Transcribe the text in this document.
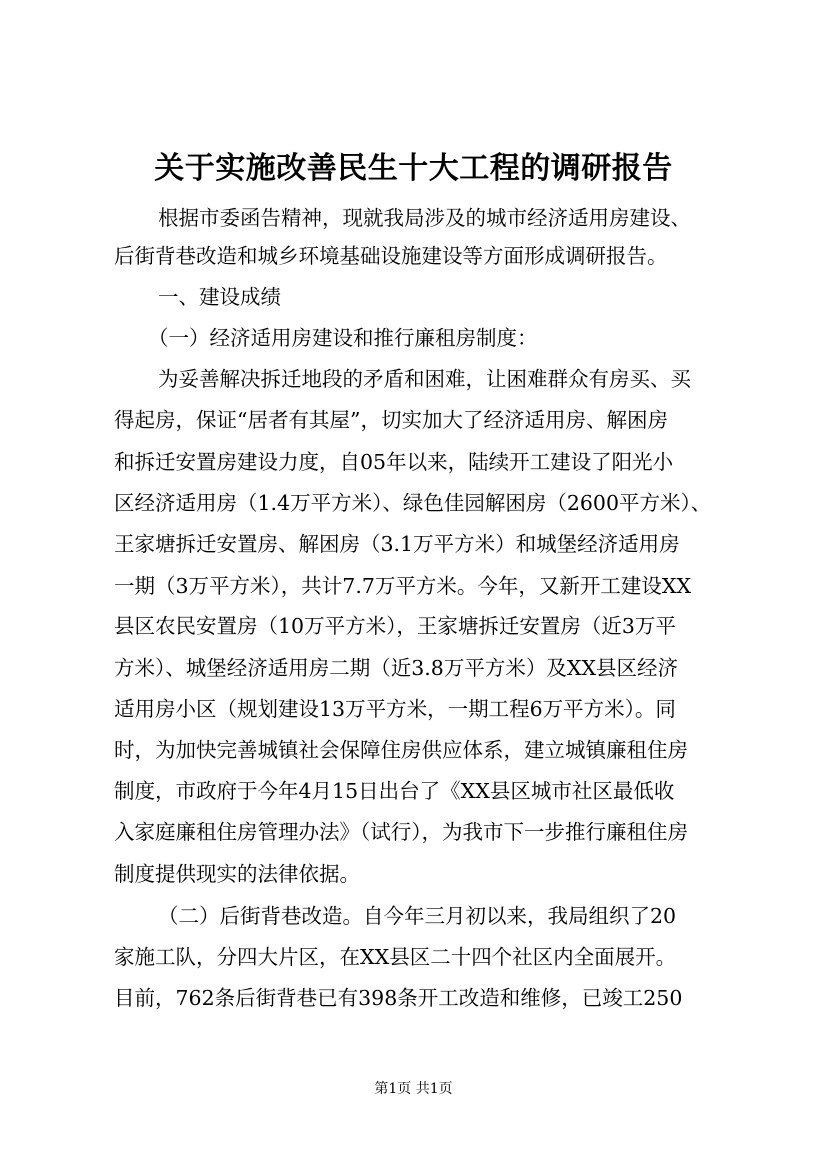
关于实施改善民生十大工程的调研报告
根据市委函告精神，现就我局涉及的城市经济适用房建设、
后街背巷改造和城乡环境基础设施建设等方面形成调研报告。
一、建设成绩
（一）经济适用房建设和推行廉租房制度：
为妥善解决拆迁地段的矛盾和困难，让困难群众有房买、买
得起房，保证“居者有其屋”，切实加大了经济适用房、解困房
和拆迁安置房建设力度，自05年以来，陆续开工建设了阳光小
区经济适用房（1.4万平方米）、绿色佳园解困房（2600平方米）、
王家塘拆迁安置房、解困房（3.1万平方米）和城堡经济适用房
一期（3万平方米），共计7.7万平方米。今年，又新开工建设XX
县区农民安置房（10万平方米），王家塘拆迁安置房（近3万平
方米）、城堡经济适用房二期（近3.8万平方米）及XX县区经济
适用房小区（规划建设13万平方米，一期工程6万平方米）。同
时，为加快完善城镇社会保障住房供应体系，建立城镇廉租住房
制度，市政府于今年4月15日出台了《XX县区城市社区最低收
入家庭廉租住房管理办法》（试行），为我市下一步推行廉租住房
制度提供现实的法律依据。
（二）后街背巷改造。自今年三月初以来，我局组织了20
家施工队，分四大片区，在XX县区二十四个社区内全面展开。
目前，762条后街背巷已有398条开工改造和维修，已竣工250
第1页 共1页
